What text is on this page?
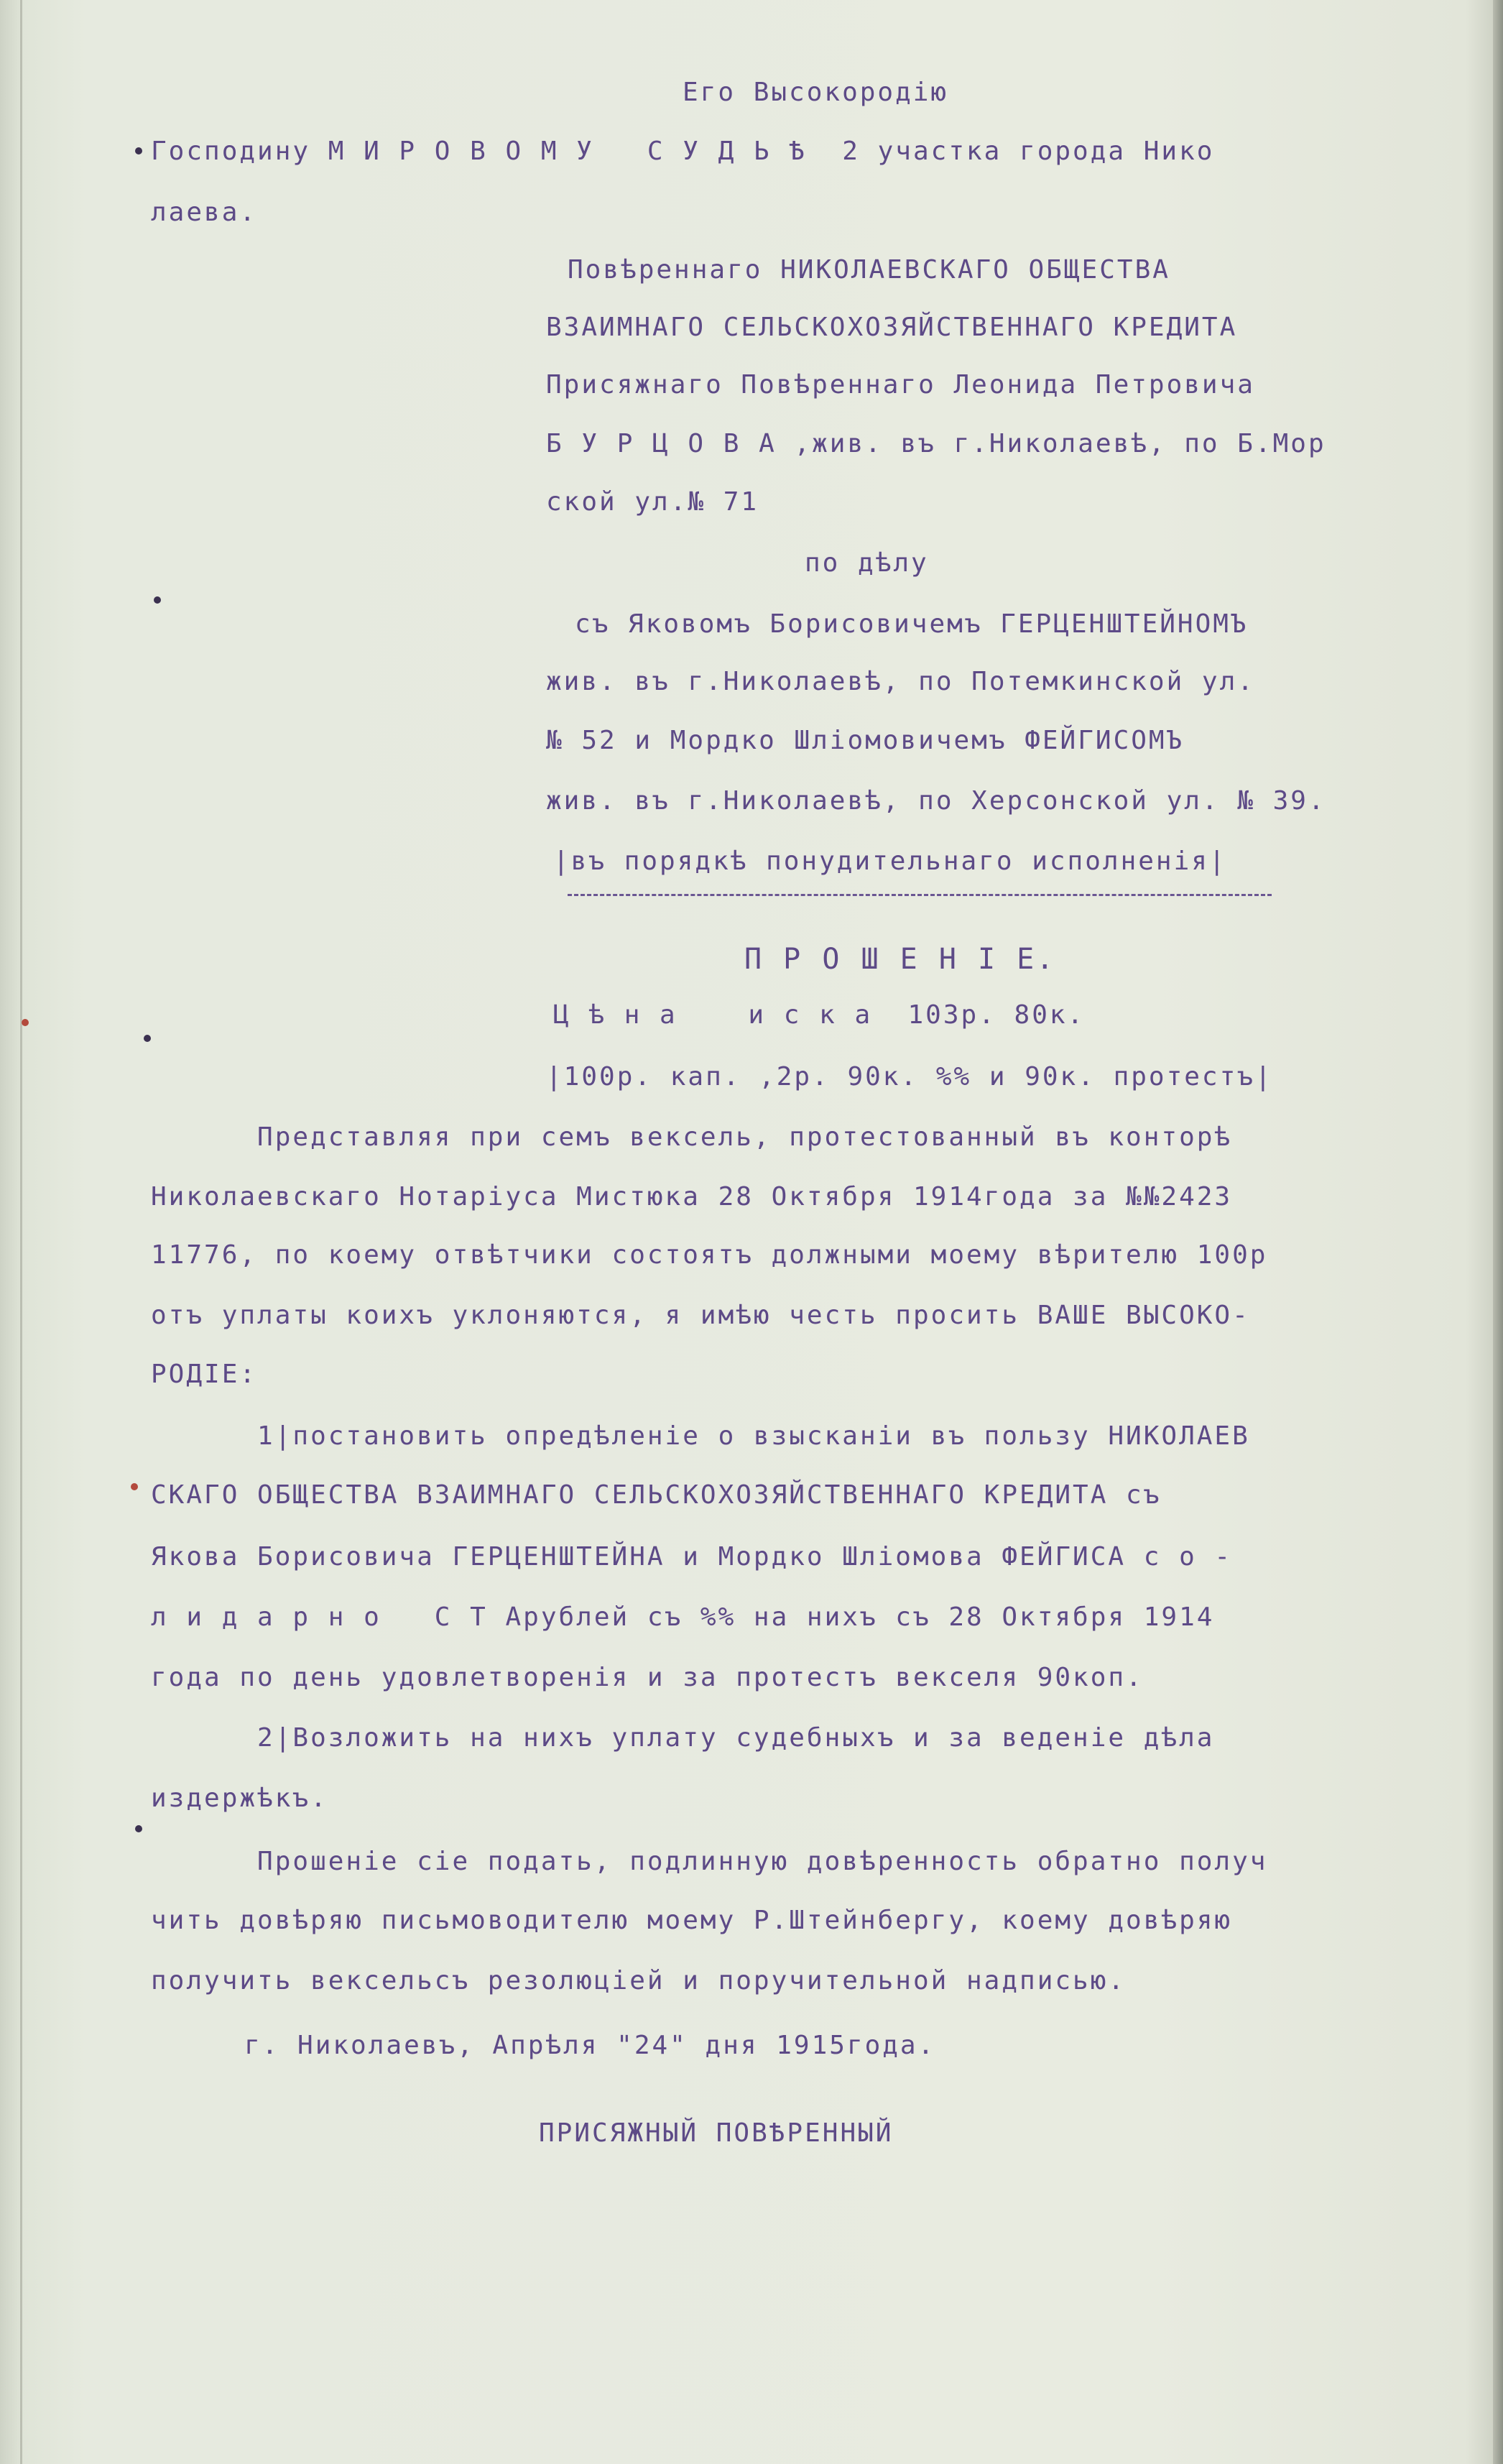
Его Высокородію
Господину М И Р О В О М У   С У Д Ь Ѣ  2 участка города Нико
лаева.
Повѣреннаго НИКОЛАЕВСКАГО ОБЩЕСТВА
ВЗАИМНАГО СЕЛЬСКОХОЗЯЙСТВЕННАГО КРЕДИТА
Присяжнаго Повѣреннаго Леонида Петровича
Б У Р Ц О В А ,жив. въ г.Николаевѣ, по Б.Мор
ской ул.№ 71
по дѣлу
съ Яковомъ Борисовичемъ ГЕРЦЕНШТЕЙНОМЪ
жив. въ г.Николаевѣ, по Потемкинской ул.
№ 52 и Мордко Шліомовичемъ ФЕЙГИСОМЪ
жив. въ г.Николаевѣ, по Херсонской ул. № 39.
|въ порядкѣ понудительнаго исполненія|
П Р О Ш Е Н І Е.
Ц ѣ н а    и с к а  103р. 80к.
|100р. кап. ,2р. 90к. %% и 90к. протестъ|
Представляя при семъ вексель, протестованный въ конторѣ
Николаевскаго Нотаріуса Мистюка 28 Октября 1914года за №№2423
11776, по коему отвѣтчики состоятъ должными моему вѣрителю 100р
отъ уплаты коихъ уклоняются, я имѣю честь просить ВАШЕ ВЫСОКО-
РОДІЕ:
1|постановить опредѣленіе о взысканіи въ пользу НИКОЛАЕВ
СКАГО ОБЩЕСТВА ВЗАИМНАГО СЕЛЬСКОХОЗЯЙСТВЕННАГО КРЕДИТА съ
Якова Борисовича ГЕРЦЕНШТЕЙНА и Мордко Шліомова ФЕЙГИСА с о -
л и д а р н о   С Т Арублей съ %% на нихъ съ 28 Октября 1914
года по день удовлетворенія и за протестъ векселя 90коп.
2|Возложить на нихъ уплату судебныхъ и за веденіе дѣла
издержѣкъ.
Прошеніе сіе подать, подлинную довѣренность обратно получ
чить довѣряю письмоводителю моему Р.Штейнбергу, коему довѣряю
получить вексельсъ резолюціей и поручительной надписью.
г. Николаевъ, Апрѣля "24" дня 1915года.
ПРИСЯЖНЫЙ ПОВѢРЕННЫЙ
